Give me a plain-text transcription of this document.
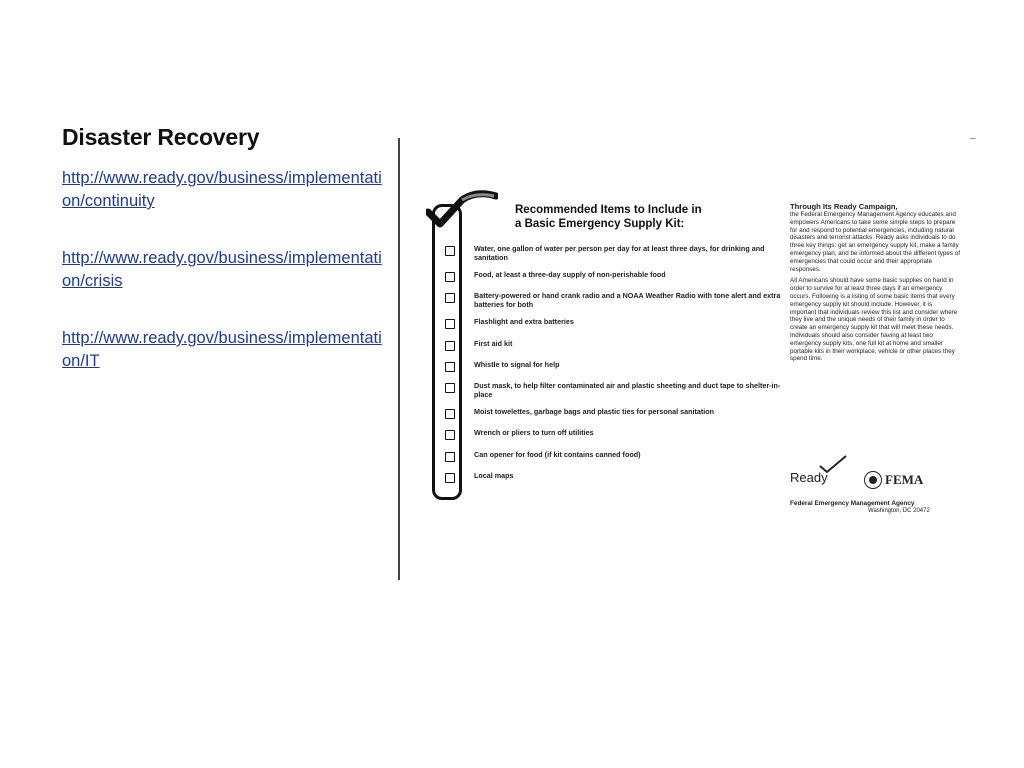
Disaster Recovery
http://www.ready.gov/business/implementation/continuity
http://www.ready.gov/business/implementation/crisis
http://www.ready.gov/business/implementation/IT
Recommended Items to Include in
a Basic Emergency Supply Kit:
Water, one gallon of water per person per day for at least three days, for drinking and sanitation
Food, at least a three-day supply of non-perishable food
Battery-powered or hand crank radio and a NOAA Weather Radio with tone alert and extra batteries for both
Flashlight and extra batteries
First aid kit
Whistle to signal for help
Dust mask, to help filter contaminated air and plastic sheeting and duct tape to shelter-in-place
Moist towelettes, garbage bags and plastic ties for personal sanitation
Wrench or pliers to turn off utilities
Can opener for food (if kit contains canned food)
Local maps
Through Its Ready Campaign,

the Federal Emergency Management Agency educates and empowers Americans to take some simple steps to prepare for and respond to potential emergencies, including natural disasters and terrorist attacks. Ready asks individuals to do three key things: get an emergency supply kit, make a family emergency plan, and be informed about the different types of emergencies that could occur and their appropriate responses.

All Americans should have some basic supplies on hand in order to survive for at least three days if an emergency occurs. Following is a listing of some basic items that every emergency supply kit should include. However, it is important that individuals review this list and consider where they live and the unique needs of their family in order to create an emergency supply kit that will meet these needs. Individuals should also consider having at least two emergency supply kits, one full kit at home and smaller portable kits in their workplace, vehicle or other places they spend time.

Ready	FEMA
Federal Emergency Management Agency
Washington, DC 20472
